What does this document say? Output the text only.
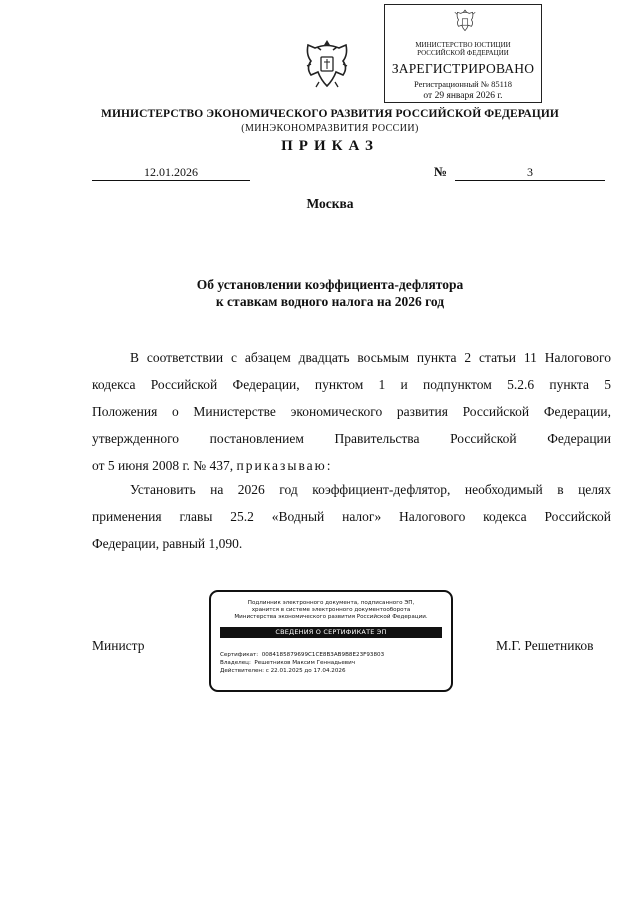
МИНИСТЕРСТВО ЮСТИЦИИ
РОССИЙСКОЙ ФЕДЕРАЦИИ
ЗАРЕГИСТРИРОВАНО
Регистрационный № 85118
от 29 января 2026 г.
МИНИСТЕРСТВО ЭКОНОМИЧЕСКОГО РАЗВИТИЯ РОССИЙСКОЙ ФЕДЕРАЦИИ
(МИНЭКОНОМРАЗВИТИЯ РОССИИ)
ПРИКАЗ
12.01.2026	№	3
Москва
Об установлении коэффициента-дефлятора
к ставкам водного налога на 2026 год
В соответствии с абзацем двадцать восьмым пункта 2 статьи 11 Налогового
кодекса Российской Федерации, пунктом 1 и подпунктом 5.2.6 пункта 5
Положения о Министерстве экономического развития Российской Федерации,
утвержденного постановлением Правительства Российской Федерации
от 5 июня 2008 г. № 437, приказываю:
Установить на 2026 год коэффициент-дефлятор, необходимый в целях
применения главы 25.2 «Водный налог» Налогового кодекса Российской
Федерации, равный 1,090.
Подлинник электронного документа, подписанного ЭП,
хранится в системе электронного документооборота
Министерства экономического развития Российской Федерации.
СВЕДЕНИЯ О СЕРТИФИКАТЕ ЭП
Сертификат: 0084185879699C1CE8B3AB9B8E23F93803
Владелец: Решетников Максим Геннадьевич
Действителен: с 22.01.2025 до 17.04.2026
Министр	М.Г. Решетников
